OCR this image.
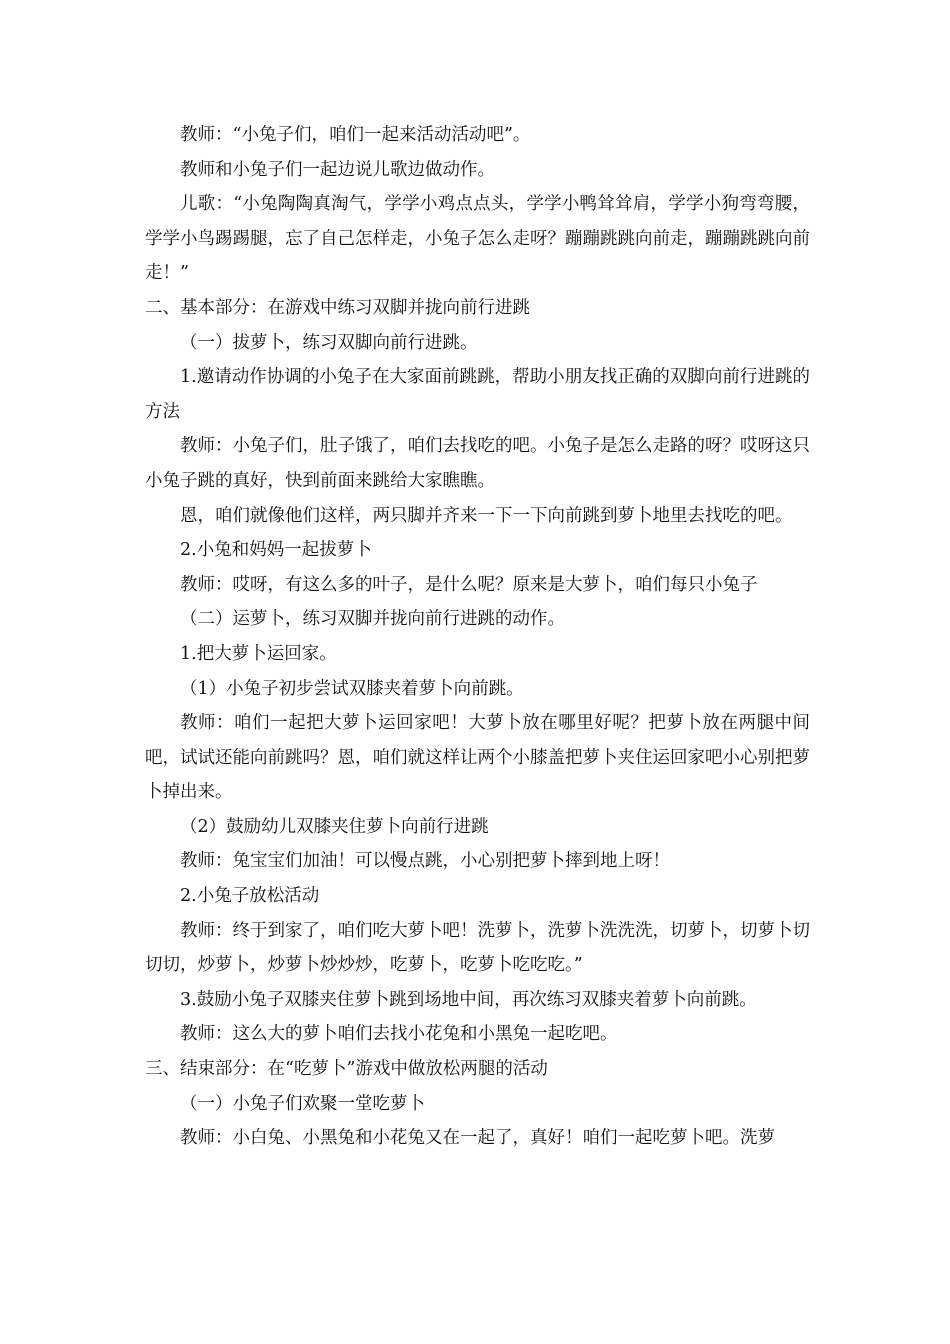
教师：“小兔子们，咱们一起来活动活动吧”。

教师和小兔子们一起边说儿歌边做动作。

儿歌：“小兔陶陶真淘气，学学小鸡点点头，学学小鸭耸耸肩，学学小狗弯弯腰，学学小鸟踢踢腿，忘了自己怎样走，小兔子怎么走呀？蹦蹦跳跳向前走，蹦蹦跳跳向前走！”

二、基本部分：在游戏中练习双脚并拢向前行进跳

（一）拔萝卜，练习双脚向前行进跳。

1.邀请动作协调的小兔子在大家面前跳跳，帮助小朋友找正确的双脚向前行进跳的方法

教师：小兔子们，肚子饿了，咱们去找吃的吧。小兔子是怎么走路的呀？哎呀这只小兔子跳的真好，快到前面来跳给大家瞧瞧。

恩，咱们就像他们这样，两只脚并齐来一下一下向前跳到萝卜地里去找吃的吧。

2.小兔和妈妈一起拔萝卜

教师：哎呀，有这么多的叶子，是什么呢？原来是大萝卜，咱们每只小兔子

（二）运萝卜，练习双脚并拢向前行进跳的动作。

1.把大萝卜运回家。

（1）小兔子初步尝试双膝夹着萝卜向前跳。

教师：咱们一起把大萝卜运回家吧！大萝卜放在哪里好呢？把萝卜放在两腿中间吧，试试还能向前跳吗？恩，咱们就这样让两个小膝盖把萝卜夹住运回家吧小心别把萝卜掉出来。

（2）鼓励幼儿双膝夹住萝卜向前行进跳

教师：兔宝宝们加油！可以慢点跳，小心别把萝卜摔到地上呀！

2.小兔子放松活动

教师：终于到家了，咱们吃大萝卜吧！洗萝卜，洗萝卜洗洗洗，切萝卜，切萝卜切切切，炒萝卜，炒萝卜炒炒炒，吃萝卜，吃萝卜吃吃吃。”

3.鼓励小兔子双膝夹住萝卜跳到场地中间，再次练习双膝夹着萝卜向前跳。

教师：这么大的萝卜咱们去找小花兔和小黑兔一起吃吧。

三、结束部分：在“吃萝卜”游戏中做放松两腿的活动

（一）小兔子们欢聚一堂吃萝卜

教师：小白兔、小黑兔和小花兔又在一起了，真好！咱们一起吃萝卜吧。洗萝
